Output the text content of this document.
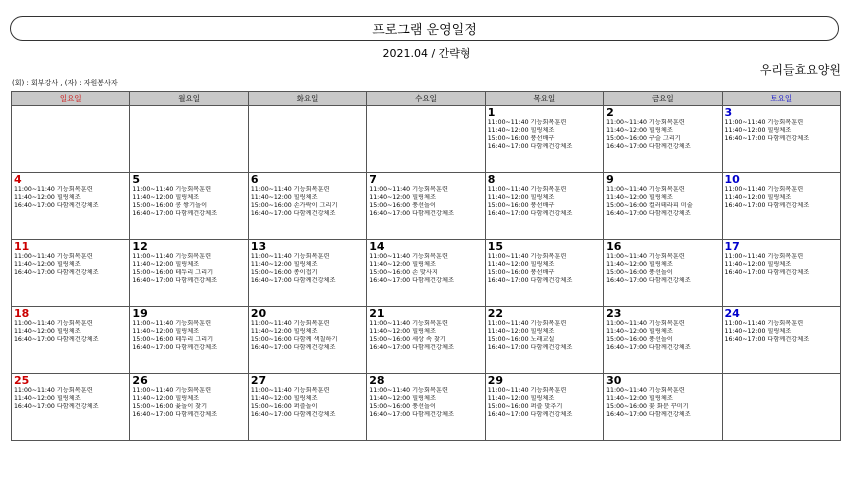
프로그램 운영일정
2021.04 / 간략형
우리들효요양원
(회) : 회부강사 , (자) : 자원봉사자
일요일	월요일	화요일	수요일	목요일	금요일	토요일

				1
11:00~11:40 기능회복훈련
11:40~12:00 힐링체조
15:00~16:00 풍선배구
16:40~17:00 다함께건강체조	2
11:00~11:40 기능회복훈련
11:40~12:00 힐링체조
15:00~16:00 구슬 그리기
16:40~17:00 다함께건강체조	3
11:00~11:40 기능회복훈련
11:40~12:00 힐링체조
16:40~17:00 다함께건강체조

4
11:00~11:40 기능회복훈련
11:40~12:00 힐링체조
16:40~17:00 다함께건강체조	5
11:00~11:40 기능회복훈련
11:40~12:00 힐링체조
15:00~16:00 콩 쌓기놀이
16:40~17:00 다함께건강체조	6
11:00~11:40 기능회복훈련
11:40~12:00 힐링체조
15:00~16:00 손가락이 그리기
16:40~17:00 다함께건강체조	7
11:00~11:40 기능회복훈련
11:40~12:00 힐링체조
15:00~16:00 풍선놀이
16:40~17:00 다함께건강체조	8
11:00~11:40 기능회복훈련
11:40~12:00 힐링체조
15:00~16:00 풍선배구
16:40~17:00 다함께건강체조	9
11:00~11:40 기능회복훈련
11:40~12:00 힐링체조
15:00~16:00 컬러테라피 미술
16:40~17:00 다함께건강체조	10
11:00~11:40 기능회복훈련
11:40~12:00 힐링체조
16:40~17:00 다함께건강체조

11
11:00~11:40 기능회복훈련
11:40~12:00 힐링체조
16:40~17:00 다함께건강체조	12
11:00~11:40 기능회복훈련
11:40~12:00 힐링체조
15:00~16:00 테두리 그리기
16:40~17:00 다함께건강체조	13
11:00~11:40 기능회복훈련
11:40~12:00 힐링체조
15:00~16:00 종이접기
16:40~17:00 다함께건강체조	14
11:00~11:40 기능회복훈련
11:40~12:00 힐링체조
15:00~16:00 손 맞사지
16:40~17:00 다함께건강체조	15
11:00~11:40 기능회복훈련
11:40~12:00 힐링체조
15:00~16:00 풍선배구
16:40~17:00 다함께건강체조	16
11:00~11:40 기능회복훈련
11:40~12:00 힐링체조
15:00~16:00 풍선놀이
16:40~17:00 다함께건강체조	17
11:00~11:40 기능회복훈련
11:40~12:00 힐링체조
16:40~17:00 다함께건강체조

18
11:00~11:40 기능회복훈련
11:40~12:00 힐링체조
16:40~17:00 다함께건강체조	19
11:00~11:40 기능회복훈련
11:40~12:00 힐링체조
15:00~16:00 테두리 그리기
16:40~17:00 다함께건강체조	20
11:00~11:40 기능회복훈련
11:40~12:00 힐링체조
15:00~16:00 다함께 색칠하기
16:40~17:00 다함께건강체조	21
11:00~11:40 기능회복훈련
11:40~12:00 힐링체조
15:00~16:00 세상 속 찾기
16:40~17:00 다함께건강체조	22
11:00~11:40 기능회복훈련
11:40~12:00 힐링체조
15:00~16:00 노래교실
16:40~17:00 다함께건강체조	23
11:00~11:40 기능회복훈련
11:40~12:00 힐링체조
15:00~16:00 풍선놀이
16:40~17:00 다함께건강체조	24
11:00~11:40 기능회복훈련
11:40~12:00 힐링체조
16:40~17:00 다함께건강체조

25
11:00~11:40 기능회복훈련
11:40~12:00 힐링체조
16:40~17:00 다함께건강체조	26
11:00~11:40 기능회복훈련
11:40~12:00 힐링체조
15:00~16:00 윷놀이 찾기
16:40~17:00 다함께건강체조	27
11:00~11:40 기능회복훈련
11:40~12:00 힐링체조
15:00~16:00 퍼즐놀이
16:40~17:00 다함께건강체조	28
11:00~11:40 기능회복훈련
11:40~12:00 힐링체조
15:00~16:00 풍선놀이
16:40~17:00 다함께건강체조	29
11:00~11:40 기능회복훈련
11:40~12:00 힐링체조
15:00~16:00 퍼즐 맞추기
16:40~17:00 다함께건강체조	30
11:00~11:40 기능회복훈련
11:40~12:00 힐링체조
15:00~16:00 꽃 화분 꾸미기
16:40~17:00 다함께건강체조	
